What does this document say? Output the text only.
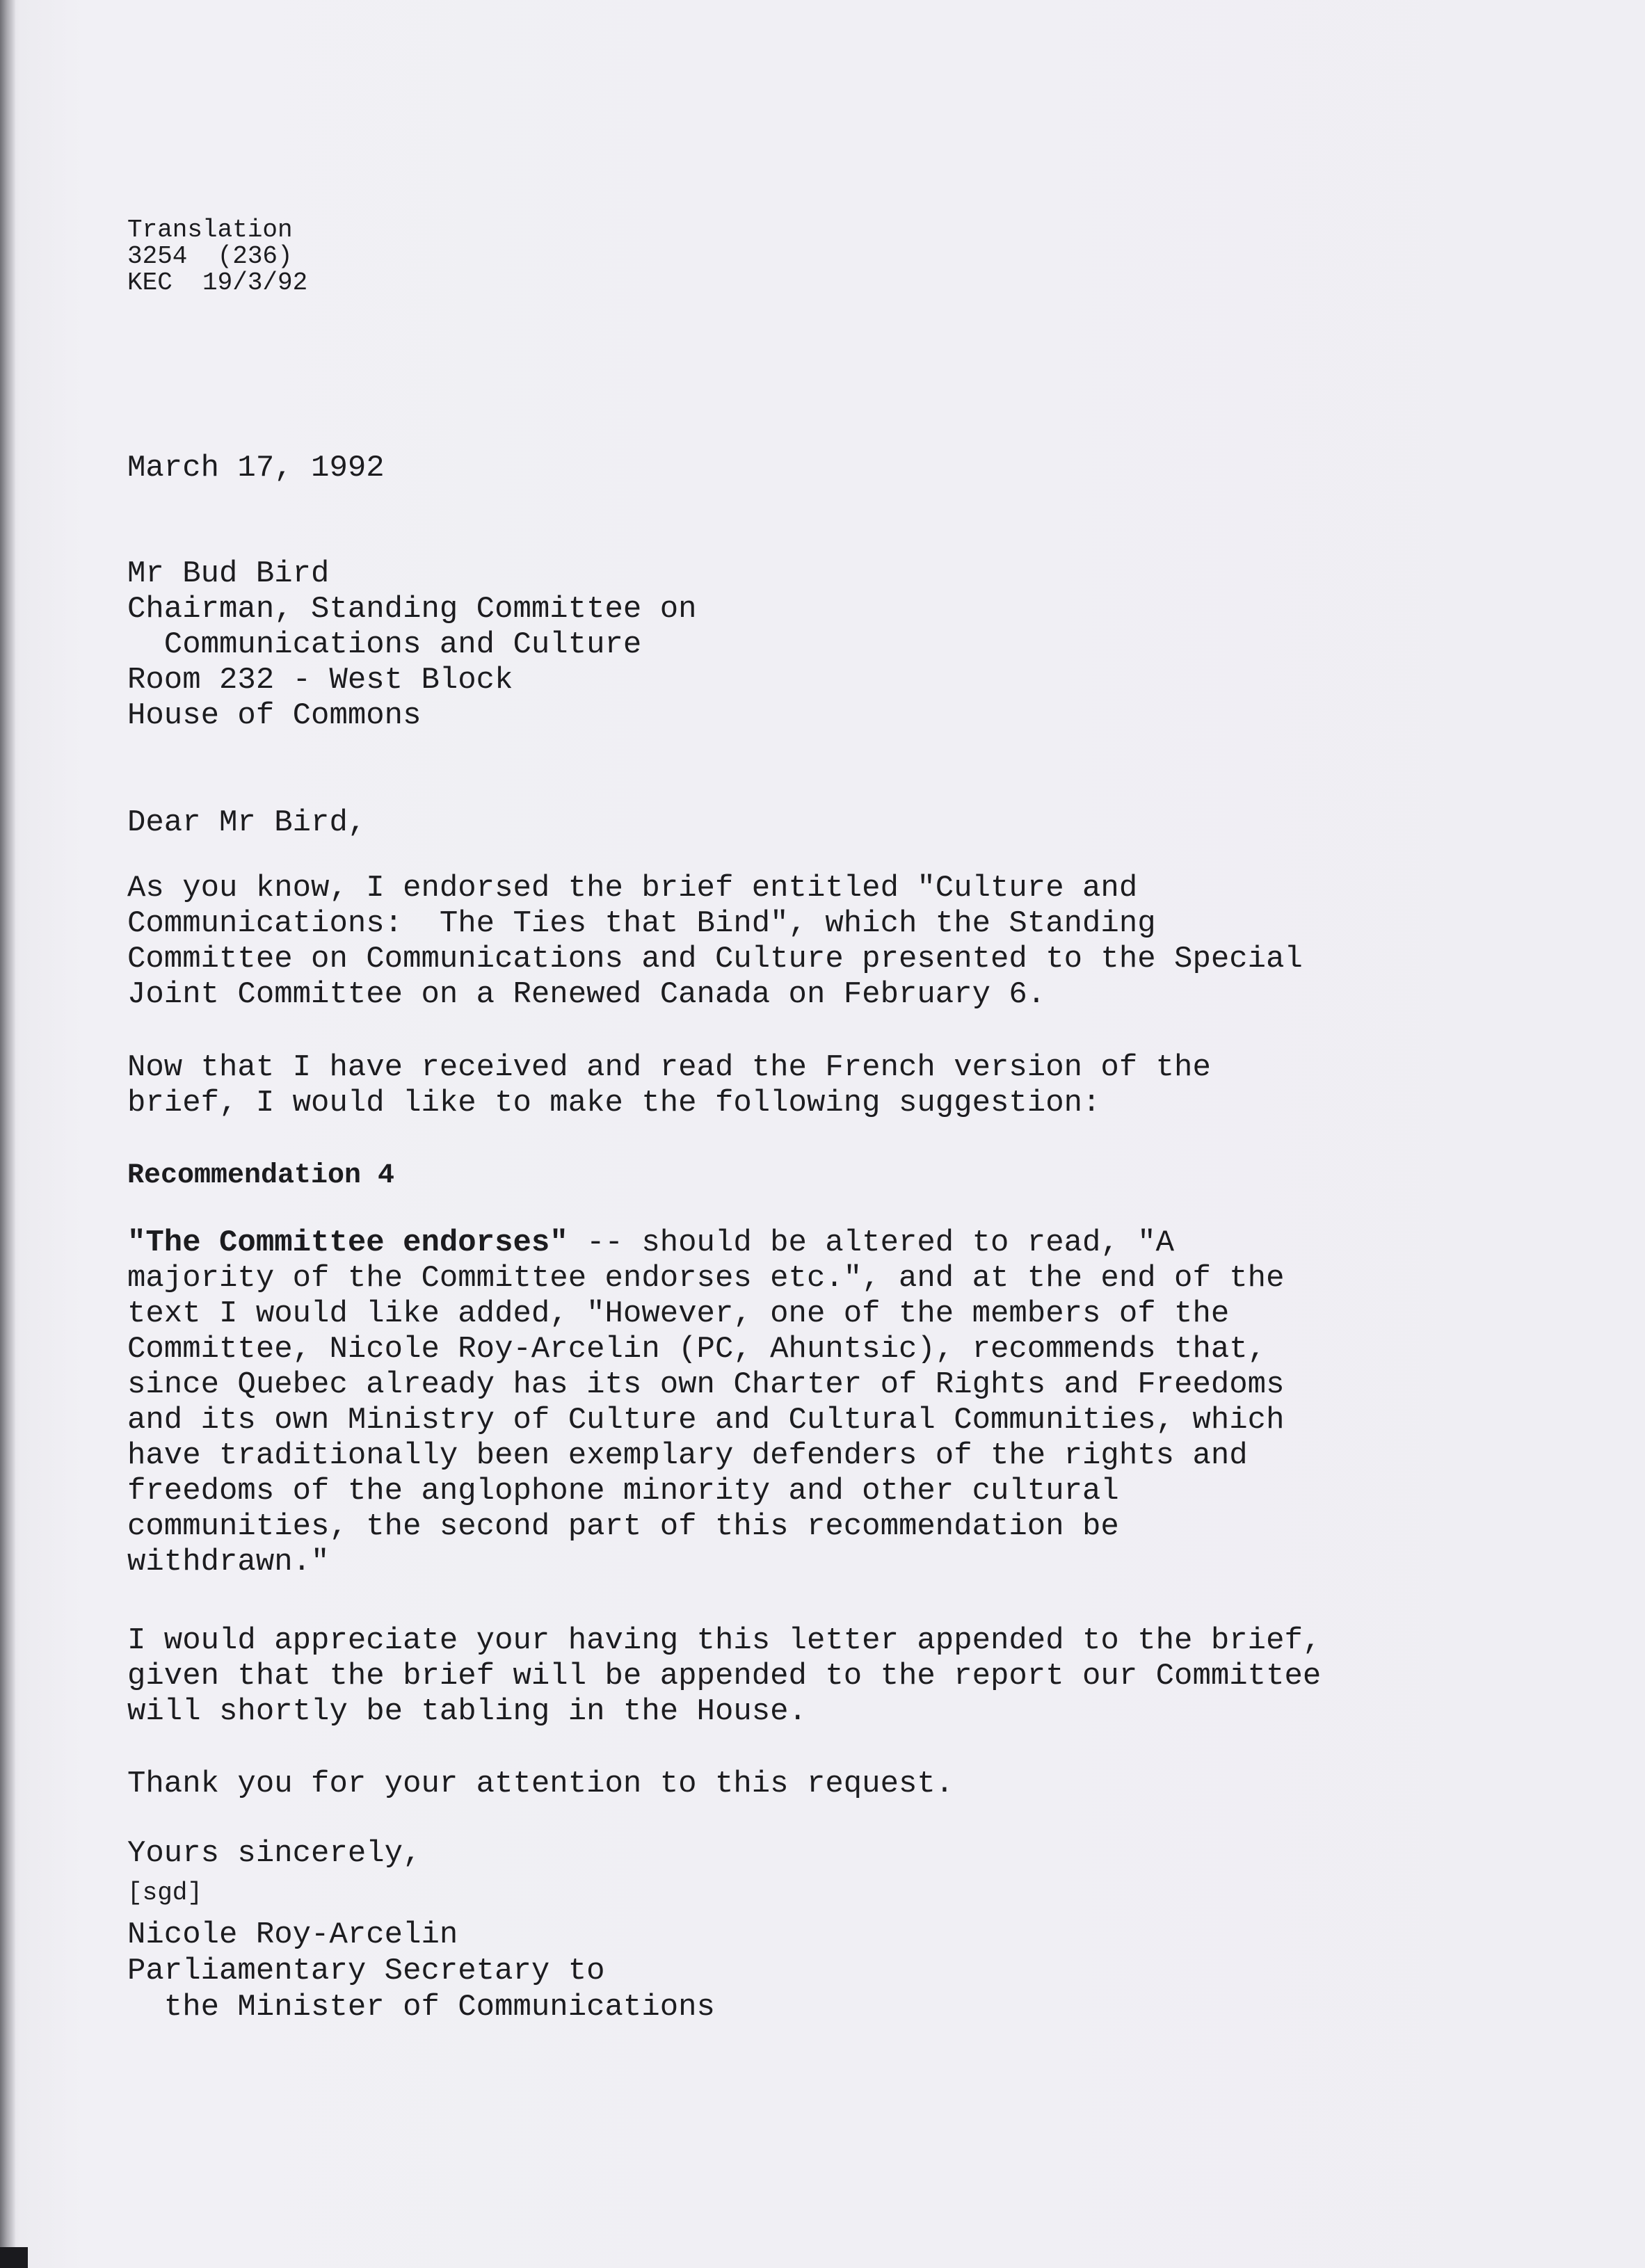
Translation
3254  (236)
KEC  19/3/92
March 17, 1992
Mr Bud Bird
Chairman, Standing Committee on
Communications and Culture
Room 232 - West Block
House of Commons
Dear Mr Bird,
As you know, I endorsed the brief entitled "Culture and
Communications:  The Ties that Bind", which the Standing
Committee on Communications and Culture presented to the Special
Joint Committee on a Renewed Canada on February 6.
Now that I have received and read the French version of the
brief, I would like to make the following suggestion:
Recommendation 4
"The Committee endorses" -- should be altered to read, "A
majority of the Committee endorses etc.", and at the end of the
text I would like added, "However, one of the members of the
Committee, Nicole Roy-Arcelin (PC, Ahuntsic), recommends that,
since Quebec already has its own Charter of Rights and Freedoms
and its own Ministry of Culture and Cultural Communities, which
have traditionally been exemplary defenders of the rights and
freedoms of the anglophone minority and other cultural
communities, the second part of this recommendation be
withdrawn."
I would appreciate your having this letter appended to the brief,
given that the brief will be appended to the report our Committee
will shortly be tabling in the House.
Thank you for your attention to this request.
Yours sincerely,
[sgd]
Nicole Roy-Arcelin
Parliamentary Secretary to
the Minister of Communications
